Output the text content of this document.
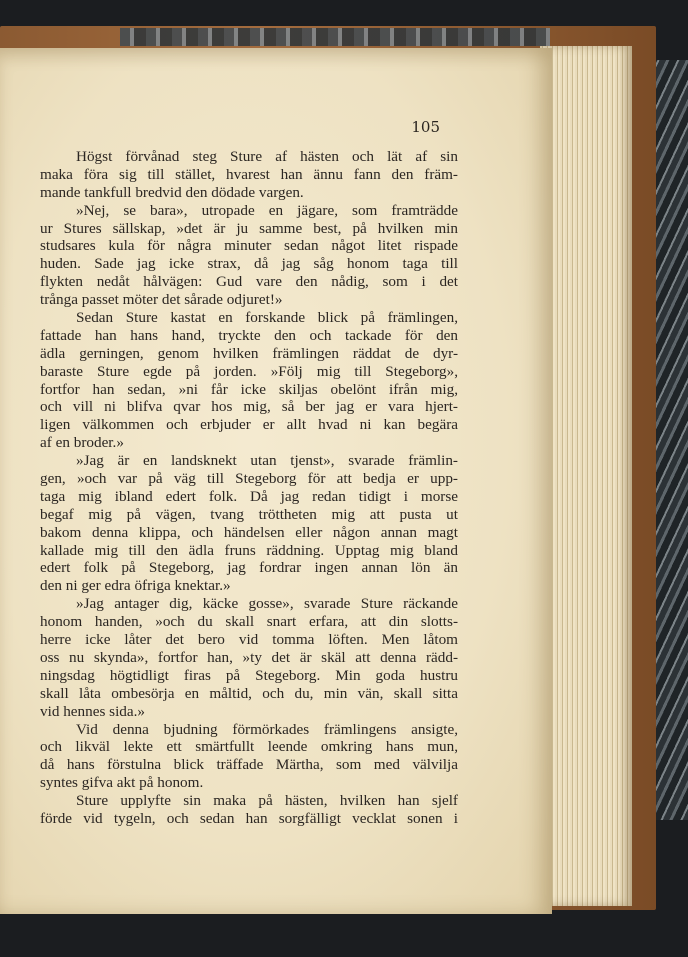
105

Högst förvånad steg Sture af hästen och lät af sin
maka föra sig till stället, hvarest han ännu fann den främ-
mande tankfull bredvid den dödade vargen.
»Nej, se bara», utropade en jägare, som framträdde
ur Stures sällskap, »det är ju samme best, på hvilken min
studsares kula för några minuter sedan något litet rispade
huden. Sade jag icke strax, då jag såg honom taga till
flykten nedåt hålvägen: Gud vare den nådig, som i det
trånga passet möter det sårade odjuret!»
Sedan Sture kastat en forskande blick på främlingen,
fattade han hans hand, tryckte den och tackade för den
ädla gerningen, genom hvilken främlingen räddat de dyr-
baraste Sture egde på jorden. »Följ mig till Stegeborg»,
fortfor han sedan, »ni får icke skiljas obelönt ifrån mig,
och vill ni blifva qvar hos mig, så ber jag er vara hjert-
ligen välkommen och erbjuder er allt hvad ni kan begära
af en broder.»
»Jag är en landsknekt utan tjenst», svarade främlin-
gen, »och var på väg till Stegeborg för att bedja er upp-
taga mig ibland edert folk. Då jag redan tidigt i morse
begaf mig på vägen, tvang tröttheten mig att pusta ut
bakom denna klippa, och händelsen eller någon annan magt
kallade mig till den ädla fruns räddning. Upptag mig bland
edert folk på Stegeborg, jag fordrar ingen annan lön än
den ni ger edra öfriga knektar.»
»Jag antager dig, käcke gosse», svarade Sture räckande
honom handen, »och du skall snart erfara, att din slotts-
herre icke låter det bero vid tomma löften. Men låtom
oss nu skynda», fortfor han, »ty det är skäl att denna rädd-
ningsdag högtidligt firas på Stegeborg. Min goda hustru
skall låta ombesörja en måltid, och du, min vän, skall sitta
vid hennes sida.»
Vid denna bjudning förmörkades främlingens ansigte,
och likväl lekte ett smärtfullt leende omkring hans mun,
då hans förstulna blick träffade Märtha, som med välvilja
syntes gifva akt på honom.
Sture upplyfte sin maka på hästen, hvilken han sjelf
förde vid tygeln, och sedan han sorgfälligt vecklat sonen i
